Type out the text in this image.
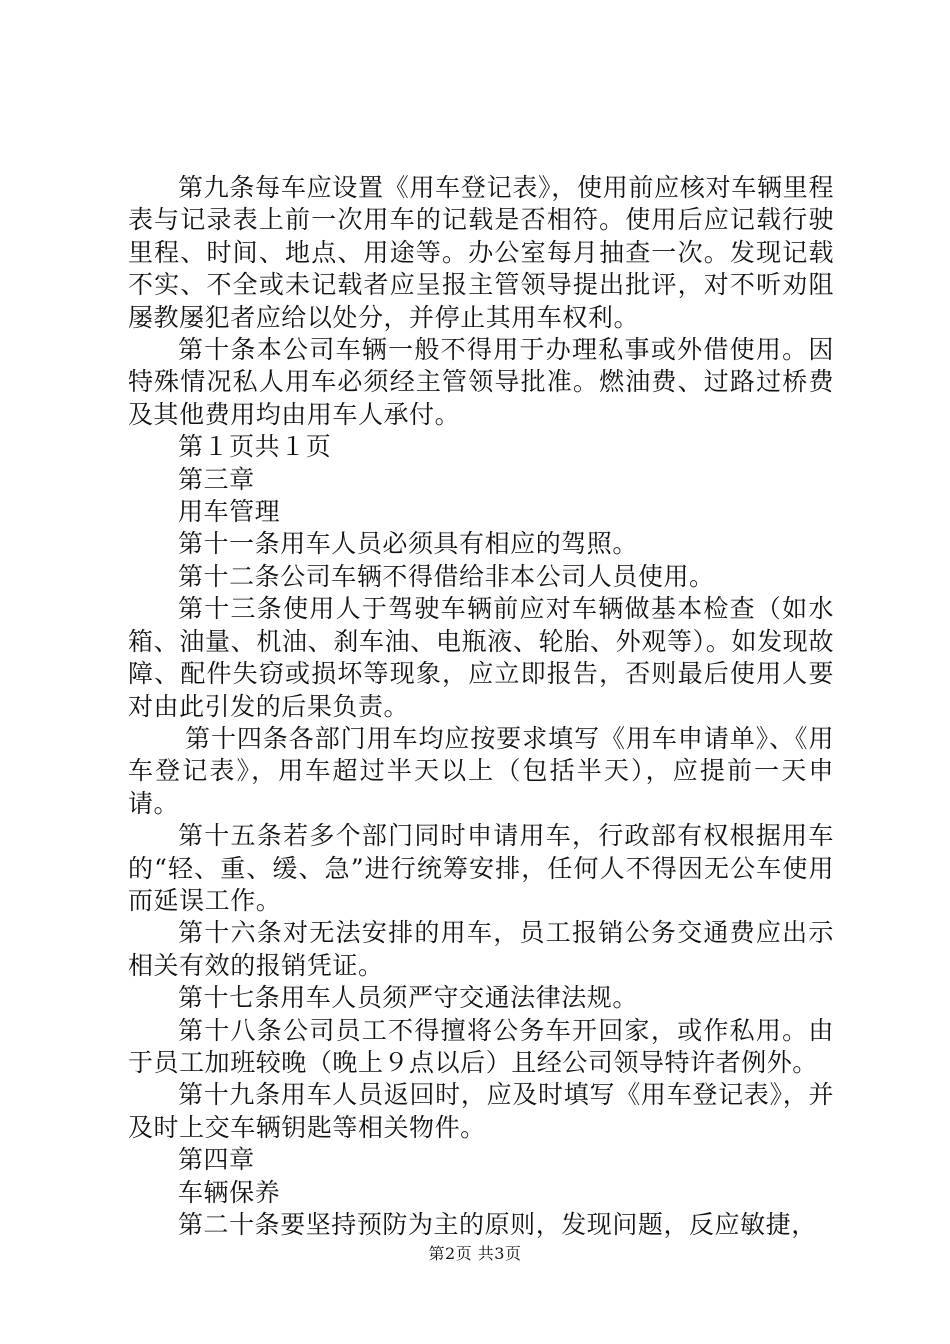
第九条每车应设置《用车登记表》，使用前应核对车辆里程表与记录表上前一次用车的记载是否相符。使用后应记载行驶里程、时间、地点、用途等。办公室每月抽查一次。发现记载不实、不全或未记载者应呈报主管领导提出批评，对不听劝阻屡教屡犯者应给以处分，并停止其用车权利。

第十条本公司车辆一般不得用于办理私事或外借使用。因特殊情况私人用车必须经主管领导批准。燃油费、过路过桥费及其他费用均由用车人承付。

第１页共１页

第三章

用车管理

第十一条用车人员必须具有相应的驾照。

第十二条公司车辆不得借给非本公司人员使用。

第十三条使用人于驾驶车辆前应对车辆做基本检查（如水箱、油量、机油、刹车油、电瓶液、轮胎、外观等）。如发现故障、配件失窃或损坏等现象，应立即报告，否则最后使用人要对由此引发的后果负责。

第十四条各部门用车均应按要求填写《用车申请单》、《用车登记表》，用车超过半天以上（包括半天），应提前一天申请。

第十五条若多个部门同时申请用车，行政部有权根据用车的“轻、重、缓、急”进行统筹安排，任何人不得因无公车使用而延误工作。

第十六条对无法安排的用车，员工报销公务交通费应出示相关有效的报销凭证。

第十七条用车人员须严守交通法律法规。

第十八条公司员工不得擅将公务车开回家，或作私用。由于员工加班较晚（晚上９点以后）且经公司领导特许者例外。

第十九条用车人员返回时，应及时填写《用车登记表》，并及时上交车辆钥匙等相关物件。

第四章

车辆保养

第二十条要坚持预防为主的原则，发现问题，反应敏捷，

第2页 共3页
